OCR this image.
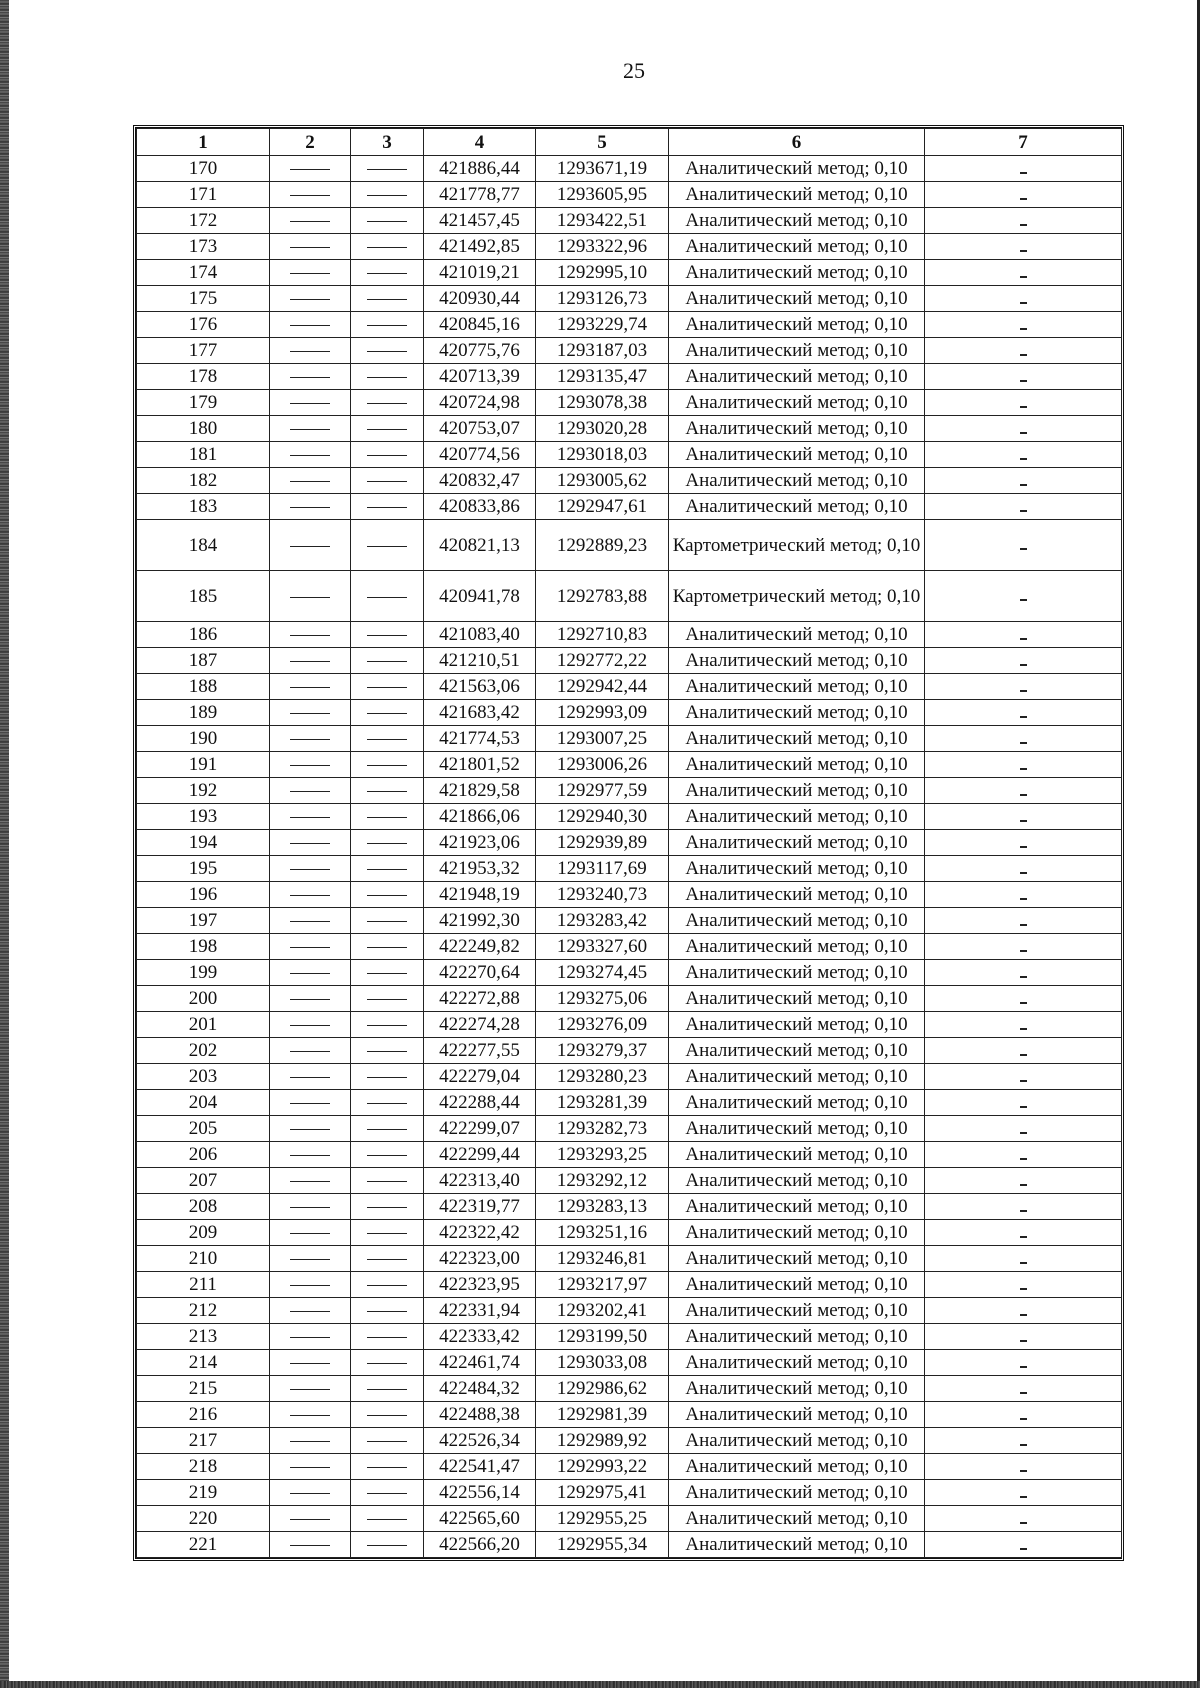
25
1	2	3	4	5	6	7
170			421886,44	1293671,19	Аналитический метод; 0,10	
171			421778,77	1293605,95	Аналитический метод; 0,10	
172			421457,45	1293422,51	Аналитический метод; 0,10	
173			421492,85	1293322,96	Аналитический метод; 0,10	
174			421019,21	1292995,10	Аналитический метод; 0,10	
175			420930,44	1293126,73	Аналитический метод; 0,10	
176			420845,16	1293229,74	Аналитический метод; 0,10	
177			420775,76	1293187,03	Аналитический метод; 0,10	
178			420713,39	1293135,47	Аналитический метод; 0,10	
179			420724,98	1293078,38	Аналитический метод; 0,10	
180			420753,07	1293020,28	Аналитический метод; 0,10	
181			420774,56	1293018,03	Аналитический метод; 0,10	
182			420832,47	1293005,62	Аналитический метод; 0,10	
183			420833,86	1292947,61	Аналитический метод; 0,10	
184			420821,13	1292889,23	Картометрический метод; 0,10	
185			420941,78	1292783,88	Картометрический метод; 0,10	
186			421083,40	1292710,83	Аналитический метод; 0,10	
187			421210,51	1292772,22	Аналитический метод; 0,10	
188			421563,06	1292942,44	Аналитический метод; 0,10	
189			421683,42	1292993,09	Аналитический метод; 0,10	
190			421774,53	1293007,25	Аналитический метод; 0,10	
191			421801,52	1293006,26	Аналитический метод; 0,10	
192			421829,58	1292977,59	Аналитический метод; 0,10	
193			421866,06	1292940,30	Аналитический метод; 0,10	
194			421923,06	1292939,89	Аналитический метод; 0,10	
195			421953,32	1293117,69	Аналитический метод; 0,10	
196			421948,19	1293240,73	Аналитический метод; 0,10	
197			421992,30	1293283,42	Аналитический метод; 0,10	
198			422249,82	1293327,60	Аналитический метод; 0,10	
199			422270,64	1293274,45	Аналитический метод; 0,10	
200			422272,88	1293275,06	Аналитический метод; 0,10	
201			422274,28	1293276,09	Аналитический метод; 0,10	
202			422277,55	1293279,37	Аналитический метод; 0,10	
203			422279,04	1293280,23	Аналитический метод; 0,10	
204			422288,44	1293281,39	Аналитический метод; 0,10	
205			422299,07	1293282,73	Аналитический метод; 0,10	
206			422299,44	1293293,25	Аналитический метод; 0,10	
207			422313,40	1293292,12	Аналитический метод; 0,10	
208			422319,77	1293283,13	Аналитический метод; 0,10	
209			422322,42	1293251,16	Аналитический метод; 0,10	
210			422323,00	1293246,81	Аналитический метод; 0,10	
211			422323,95	1293217,97	Аналитический метод; 0,10	
212			422331,94	1293202,41	Аналитический метод; 0,10	
213			422333,42	1293199,50	Аналитический метод; 0,10	
214			422461,74	1293033,08	Аналитический метод; 0,10	
215			422484,32	1292986,62	Аналитический метод; 0,10	
216			422488,38	1292981,39	Аналитический метод; 0,10	
217			422526,34	1292989,92	Аналитический метод; 0,10	
218			422541,47	1292993,22	Аналитический метод; 0,10	
219			422556,14	1292975,41	Аналитический метод; 0,10	
220			422565,60	1292955,25	Аналитический метод; 0,10	
221			422566,20	1292955,34	Аналитический метод; 0,10	
